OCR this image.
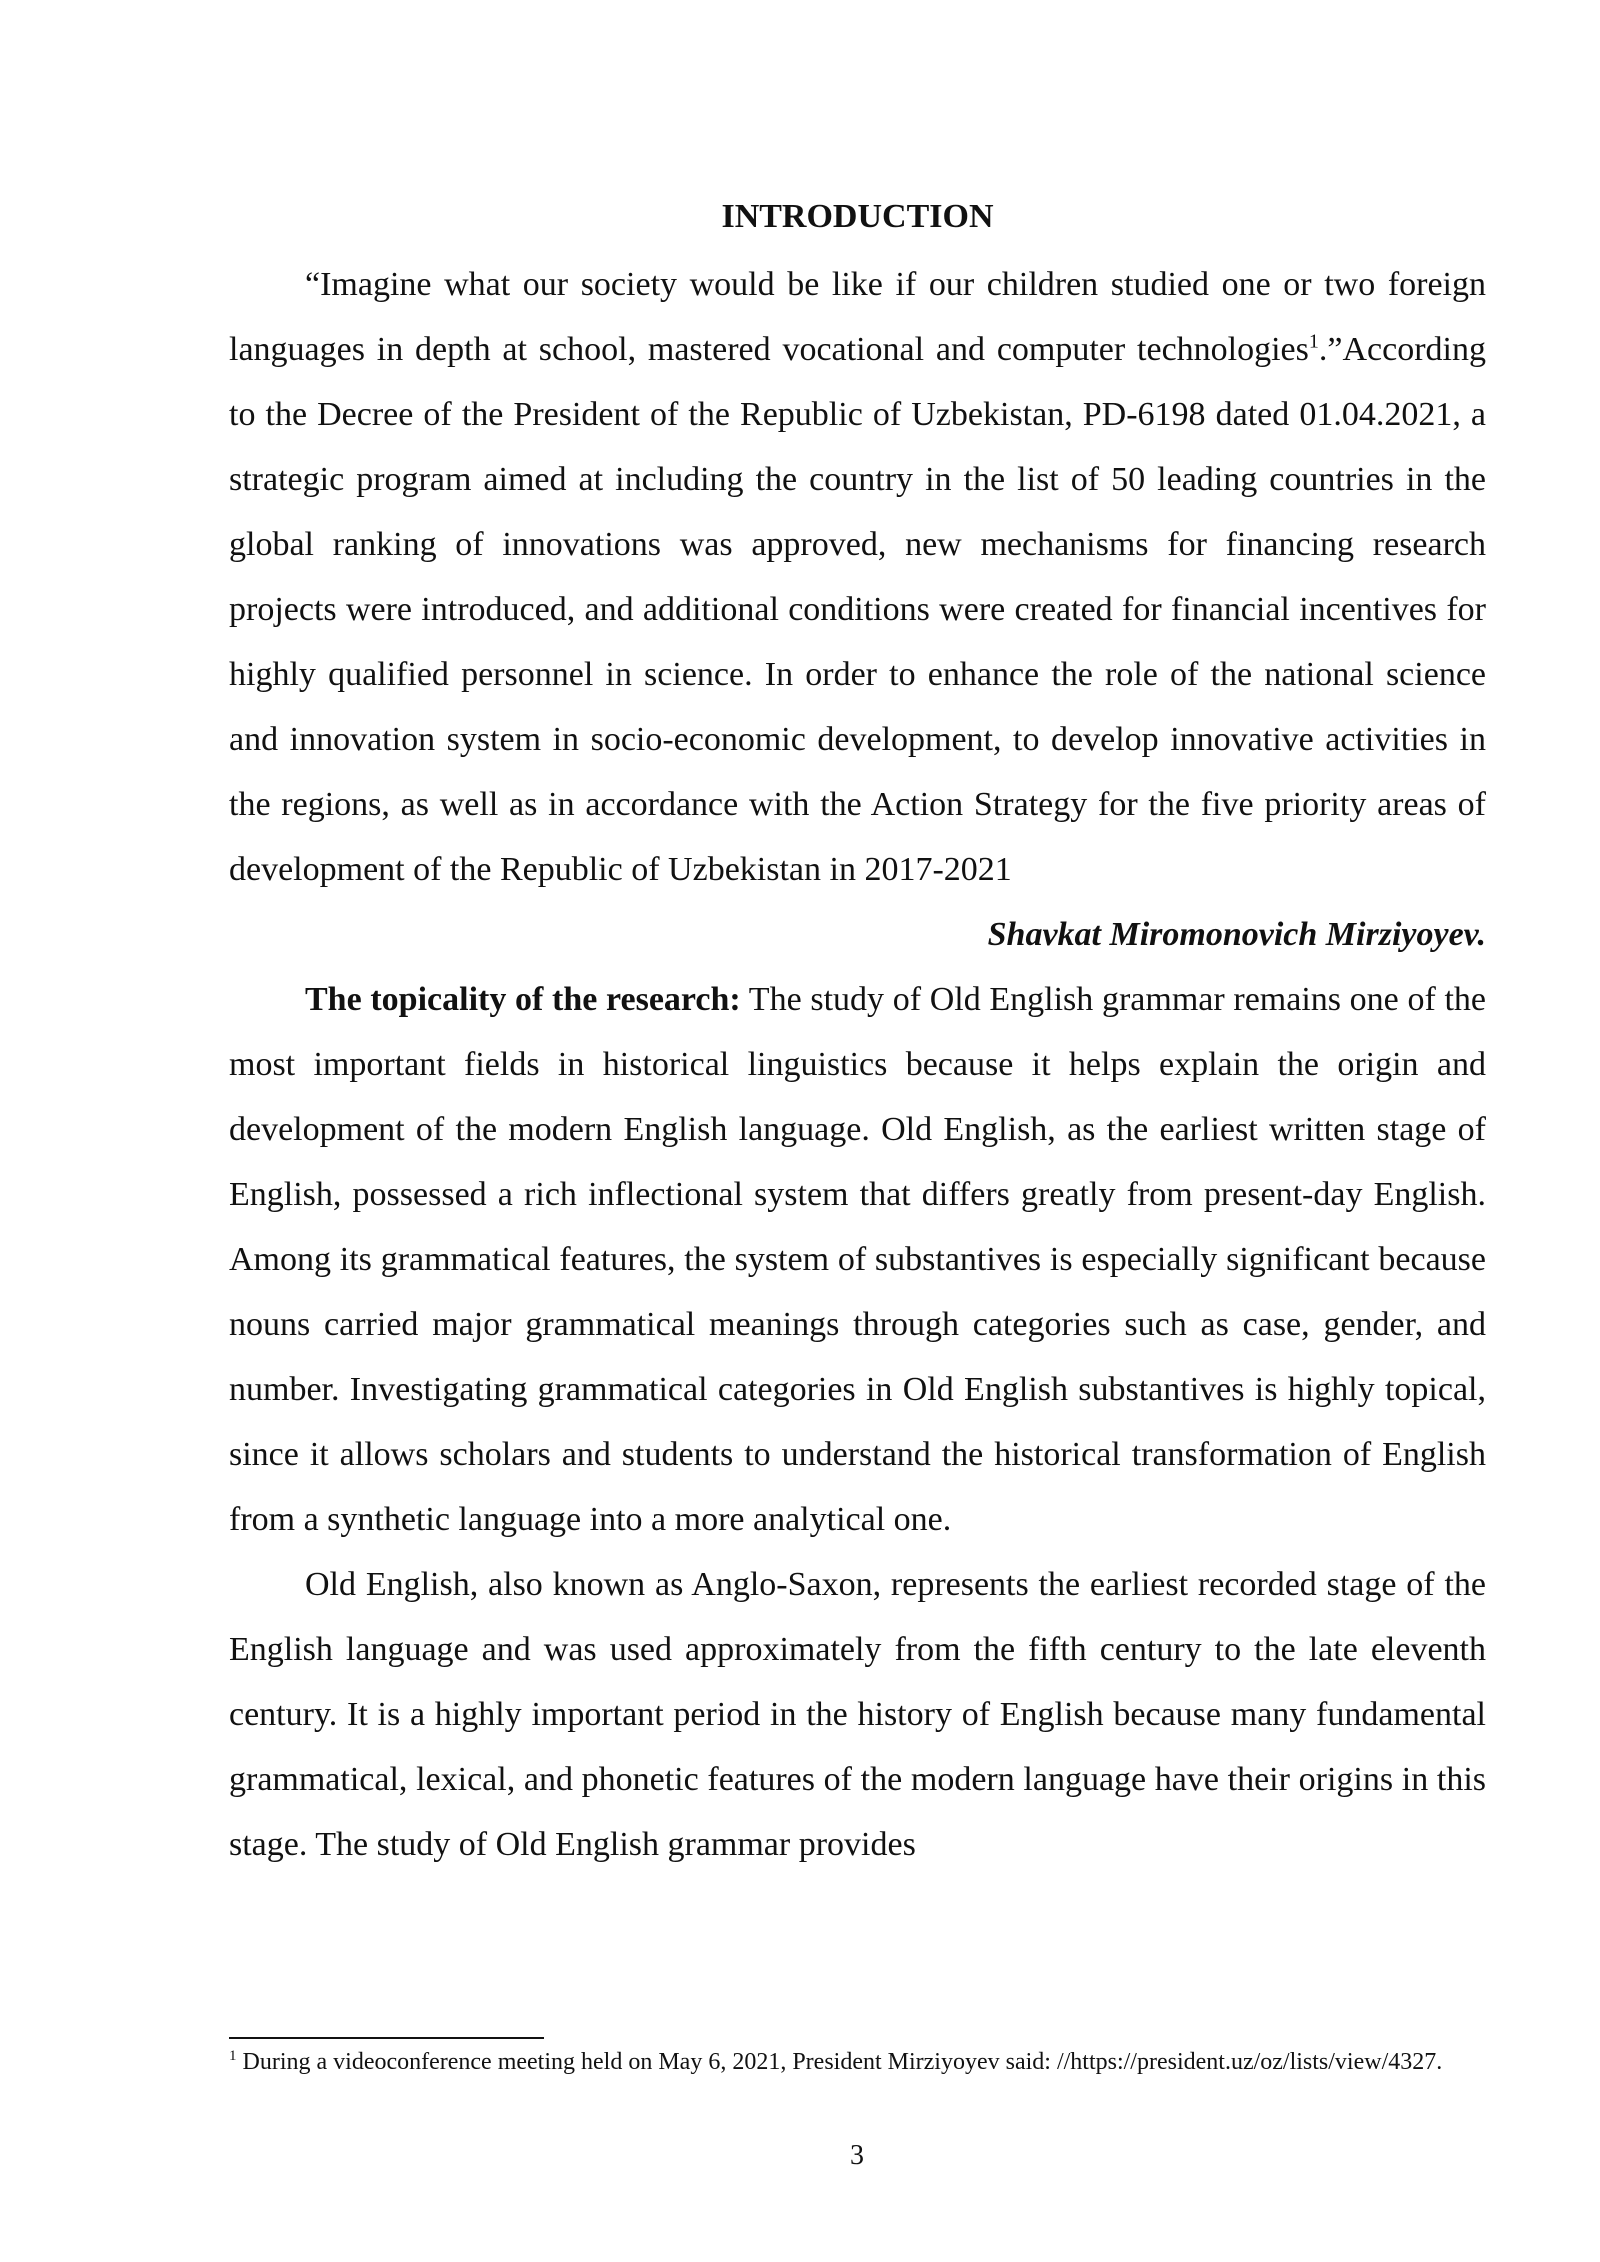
INTRODUCTION

“Imagine what our society would be like if our children studied one or two foreign languages in depth at school, mastered vocational and computer technologies$^1$.”According to the Decree of the President of the Republic of Uzbekistan, PD-6198 dated 01.04.2021, a strategic program aimed at including the country in the list of 50 leading countries in the global ranking of innovations was approved, new mechanisms for financing research projects were introduced, and additional conditions were created for financial incentives for highly qualified personnel in science. In order to enhance the role of the national science and innovation system in socio-economic development, to develop innovative activities in the regions, as well as in accordance with the Action Strategy for the five priority areas of development of the Republic of Uzbekistan in 2017-2021

Shavkat Miromonovich Mirziyoyev.

The topicality of the research: The study of Old English grammar remains one of the most important fields in historical linguistics because it helps explain the origin and development of the modern English language. Old English, as the earliest written stage of English, possessed a rich inflectional system that differs greatly from present-day English. Among its grammatical features, the system of substantives is especially significant because nouns carried major grammatical meanings through categories such as case, gender, and number. Investigating grammatical categories in Old English substantives is highly topical, since it allows scholars and students to understand the historical transformation of English from a synthetic language into a more analytical one.

Old English, also known as Anglo-Saxon, represents the earliest recorded stage of the English language and was used approximately from the fifth century to the late eleventh century. It is a highly important period in the history of English because many fundamental grammatical, lexical, and phonetic features of the modern language have their origins in this stage. The study of Old English grammar provides

$^1$ During a videoconference meeting held on May 6, 2021, President Mirziyoyev said: //https://president.uz/oz/lists/view/4327.

3
